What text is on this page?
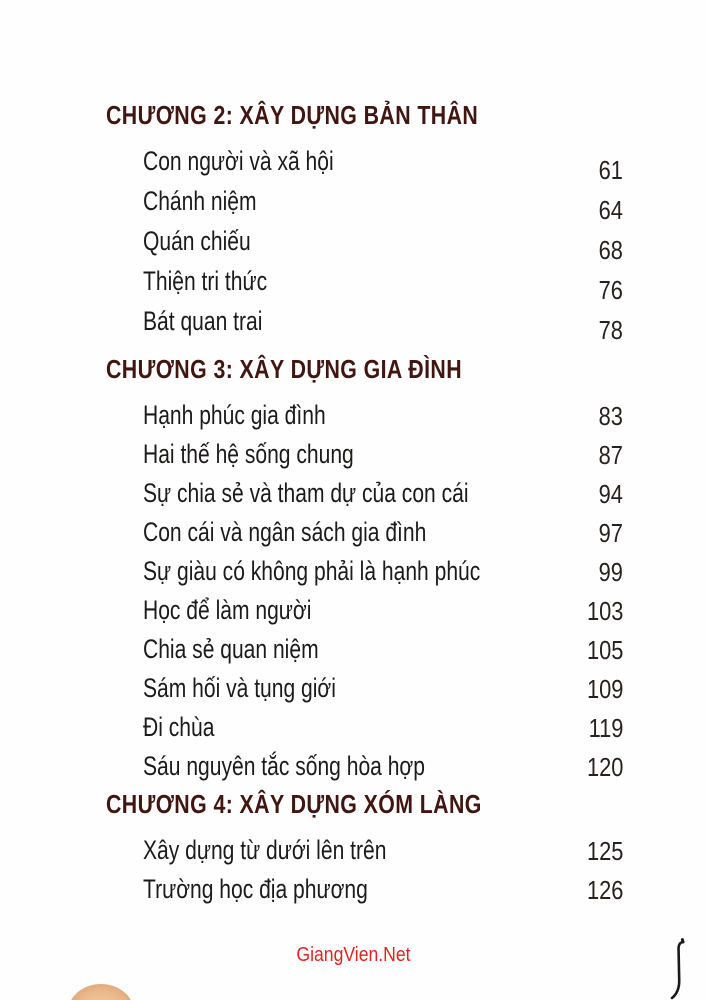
CHƯƠNG 2: XÂY DỰNG BẢN THÂN
Con người và xã hội	61
Chánh niệm	64
Quán chiếu	68
Thiện tri thức	76
Bát quan trai	78
CHƯƠNG 3: XÂY DỰNG GIA ĐÌNH
Hạnh phúc gia đình	83
Hai thế hệ sống chung	87
Sự chia sẻ và tham dự của con cái	94
Con cái và ngân sách gia đình	97
Sự giàu có không phải là hạnh phúc	99
Học để làm người	103
Chia sẻ quan niệm	105
Sám hối và tụng giới	109
Đi chùa	119
Sáu nguyên tắc sống hòa hợp	120
CHƯƠNG 4: XÂY DỰNG XÓM LÀNG
Xây dựng từ dưới lên trên	125
Trường học địa phương	126
GiangVien.Net
